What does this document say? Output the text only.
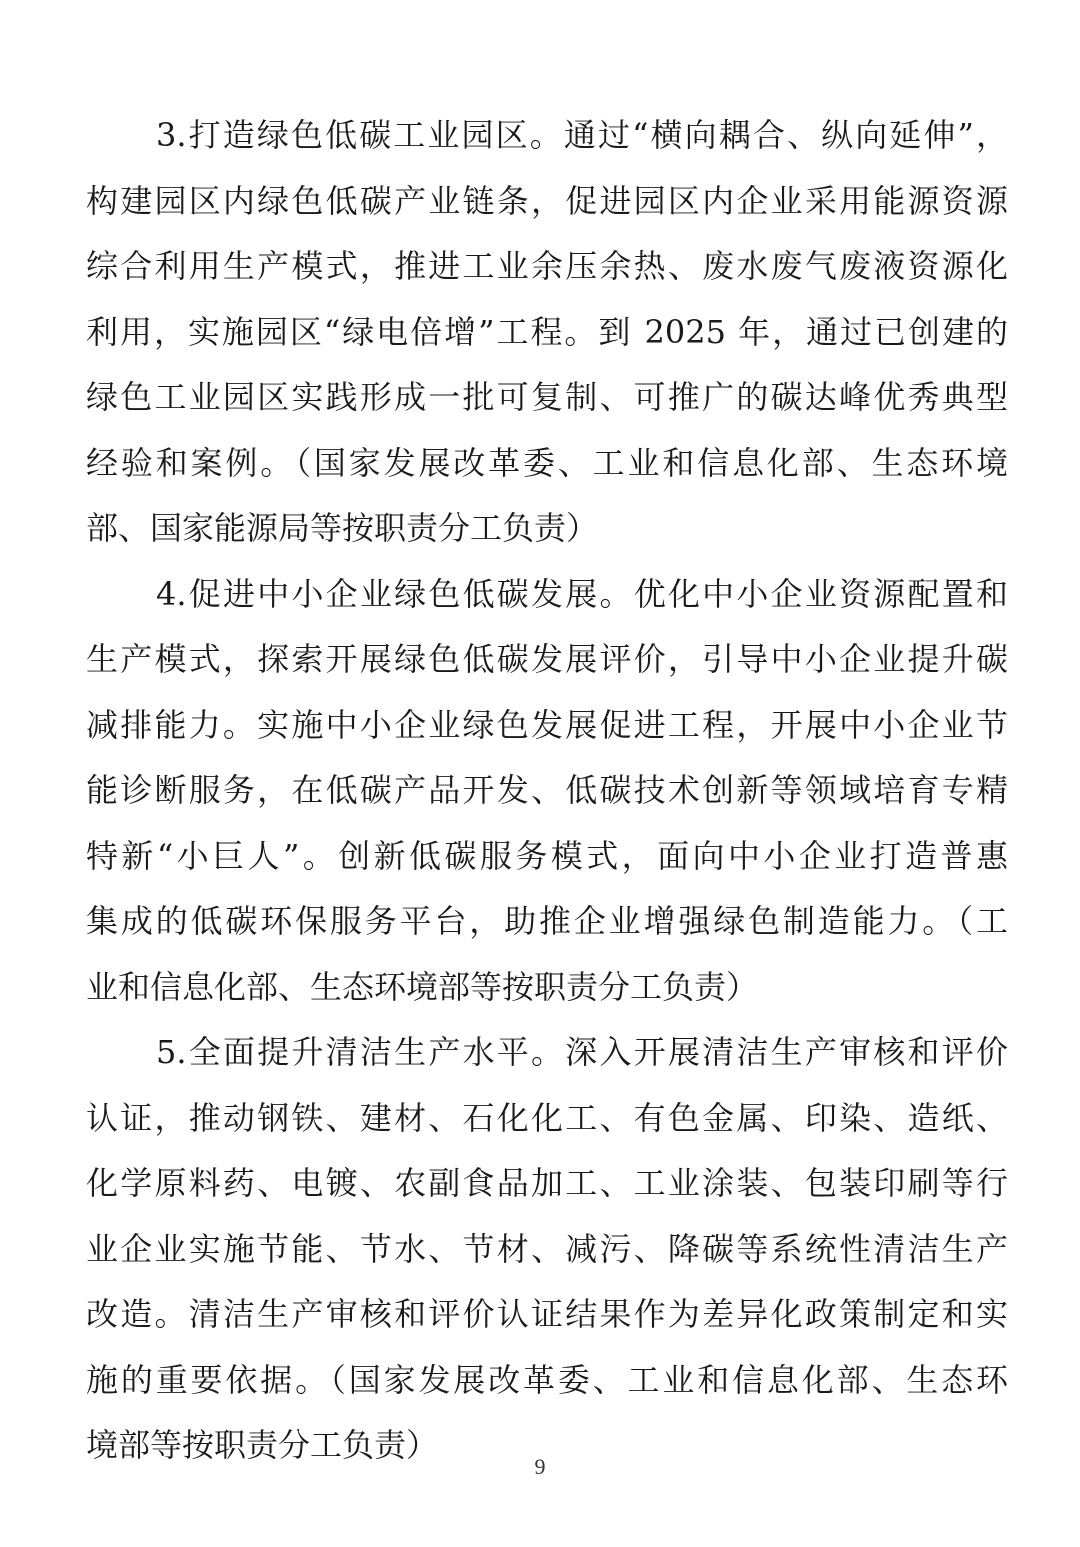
3.打造绿色低碳工业园区。通过“横向耦合、纵向延伸”，
构建园区内绿色低碳产业链条，促进园区内企业采用能源资源
综合利用生产模式，推进工业余压余热、废水废气废液资源化
利用，实施园区“绿电倍增”工程。到 2025 年，通过已创建的
绿色工业园区实践形成一批可复制、可推广的碳达峰优秀典型
经验和案例。（国家发展改革委、工业和信息化部、生态环境
部、国家能源局等按职责分工负责）
4.促进中小企业绿色低碳发展。优化中小企业资源配置和
生产模式，探索开展绿色低碳发展评价，引导中小企业提升碳
减排能力。实施中小企业绿色发展促进工程，开展中小企业节
能诊断服务，在低碳产品开发、低碳技术创新等领域培育专精
特新“小巨人”。创新低碳服务模式，面向中小企业打造普惠
集成的低碳环保服务平台，助推企业增强绿色制造能力。（工
业和信息化部、生态环境部等按职责分工负责）
5.全面提升清洁生产水平。深入开展清洁生产审核和评价
认证，推动钢铁、建材、石化化工、有色金属、印染、造纸、
化学原料药、电镀、农副食品加工、工业涂装、包装印刷等行
业企业实施节能、节水、节材、减污、降碳等系统性清洁生产
改造。清洁生产审核和评价认证结果作为差异化政策制定和实
施的重要依据。（国家发展改革委、工业和信息化部、生态环
境部等按职责分工负责）
9
